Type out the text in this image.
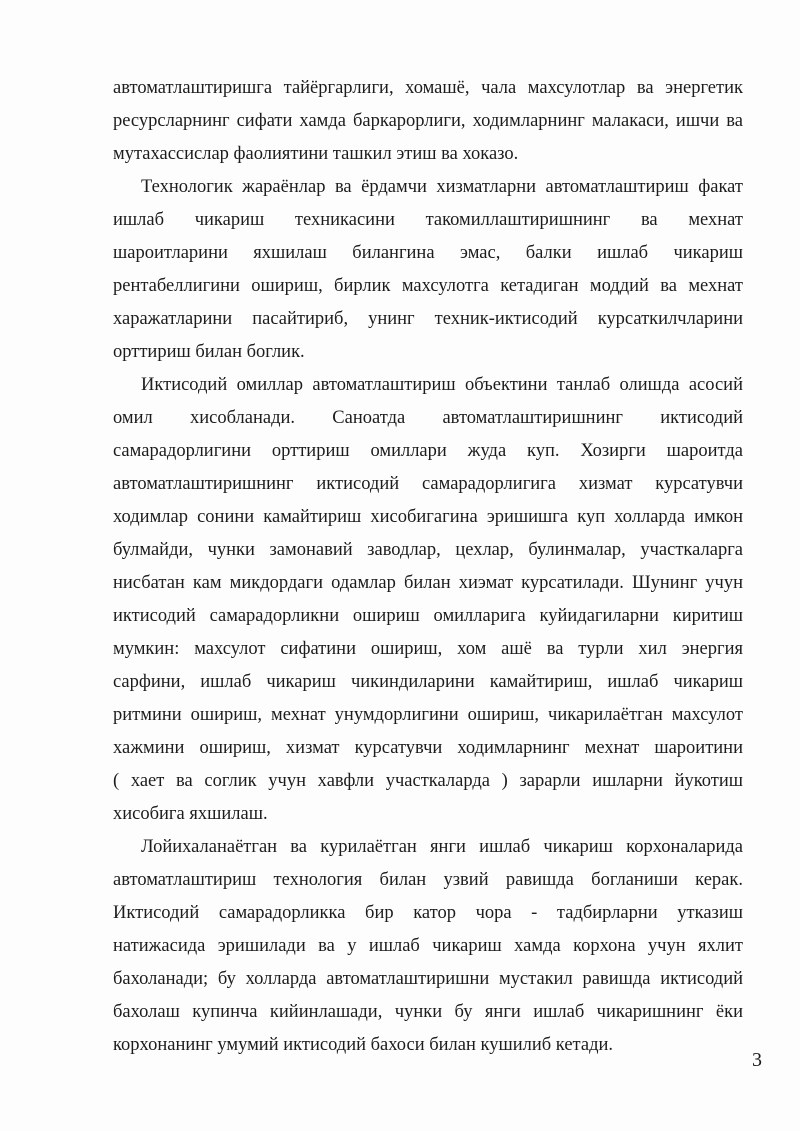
автоматлаштиришга тайёргарлиги, хомашё, чала махсулотлар ва энергетик
ресурсларнинг сифати хамда баркарорлиги, ходимларнинг малакаси, ишчи ва
мутахассислар фаолиятини ташкил этиш ва хоказо.
Технологик жараёнлар ва ёрдамчи хизматларни автоматлаштириш факат
ишлаб чикариш техникасини такомиллаштиришнинг ва мехнат
шароитларини яхшилаш билангина эмас, балки ишлаб чикариш
рентабеллигини ошириш, бирлик махсулотга кетадиган моддий ва мехнат
харажатларини пасайтириб, унинг техник-иктисодий курсаткилчларини
орттириш билан боглик.
Иктисодий омиллар автоматлаштириш объектини танлаб олишда асосий
омил хисобланади. Саноатда автоматлаштиришнинг иктисодий
самарадорлигини орттириш омиллари жуда куп. Хозирги шароитда
автоматлаштиришнинг иктисодий самарадорлигига хизмат курсатувчи
ходимлар сонини камайтириш хисобигагина эришишга куп холларда имкон
булмайди, чунки замонавий заводлар, цехлар, булинмалар, участкаларга
нисбатан кам микдордаги одамлар билан хиэмат курсатилади. Шунинг учун
иктисодий самарадорликни ошириш омилларига куйидагиларни киритиш
мумкин: махсулот сифатини ошириш, хом ашё ва турли хил энергия
сарфини, ишлаб чикариш чикиндиларини камайтириш, ишлаб чикариш
ритмини ошириш, мехнат унумдорлигини ошириш, чикарилаётган махсулот
хажмини ошириш, хизмат курсатувчи ходимларнинг мехнат шароитини
( хает ва соглик учун хавфли участкаларда ) зарарли ишларни йукотиш
хисобига яхшилаш.
Лойихаланаётган ва курилаётган янги ишлаб чикариш корхоналарида
автоматлаштириш технология билан узвий равишда богланиши керак.
Иктисодий самарадорликка бир катор чора - тадбирларни утказиш
натижасида эришилади ва у ишлаб чикариш хамда корхона учун яхлит
бахоланади; бу холларда автоматлаштиришни мустакил равишда иктисодий
бахолаш купинча кийинлашади, чунки бу янги ишлаб чикаришнинг ёки
корхонанинг умумий иктисодий бахоси билан кушилиб кетади.
3
